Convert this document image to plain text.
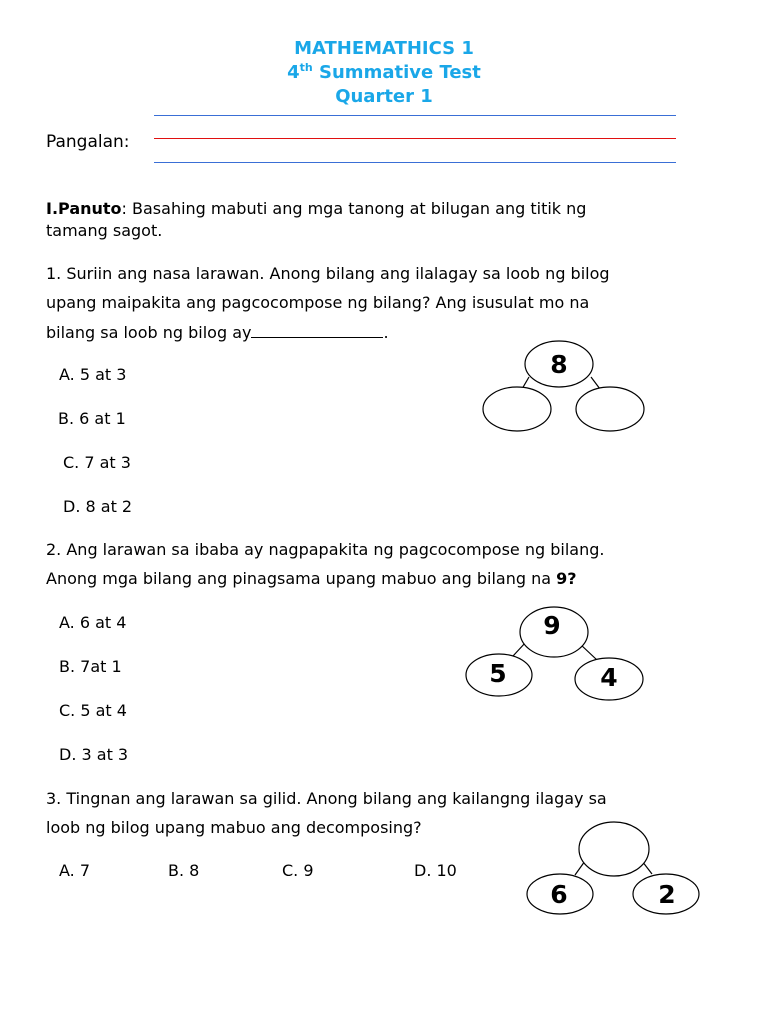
MATHEMATHICS 1
4th Summative Test
Quarter 1
Pangalan:
I.Panuto: Basahing mabuti ang mga tanong at bilugan ang titik ng
tamang sagot.
1. Suriin ang nasa larawan. Anong bilang ang ilalagay sa loob ng bilog
upang maipakita ang pagcocompose ng bilang? Ang isusulat mo na
bilang sa loob ng bilog ay	.
A. 5 at 3
B. 6 at 1
C. 7 at 3
D. 8 at 2
8
2. Ang larawan sa ibaba ay nagpapakita ng pagcocompose ng bilang.
Anong mga bilang ang pinagsama upang mabuo ang bilang na 9?
A. 6 at 4
B. 7at 1
C. 5 at 4
D. 3 at 3
9
5	4
3. Tingnan ang larawan sa gilid. Anong bilang ang kailangng ilagay sa
loob ng bilog upang mabuo ang decomposing?
A. 7	B. 8	C. 9	D. 10
6	2
